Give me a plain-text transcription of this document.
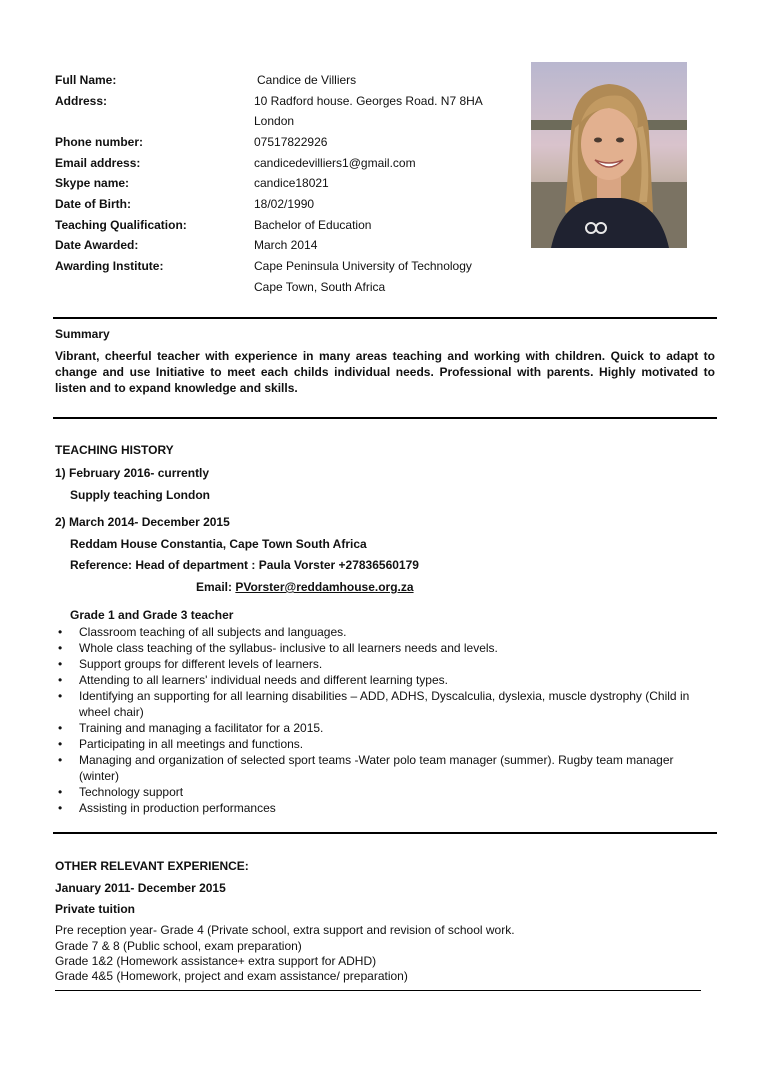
Full Name:	Candice de Villiers
Address:	10 Radford house. Georges Road. N7 8HA
London
Phone number:	07517822926
Email address:	candicedevilliers1@gmail.com
Skype name:	candice18021
Date of Birth:	18/02/1990
Teaching Qualification:	Bachelor of Education
Date Awarded:	March 2014
Awarding Institute:	Cape Peninsula University of Technology
Cape Town, South Africa
Summary
Vibrant, cheerful teacher with experience in many areas teaching and working with children. Quick to adapt to change and use Initiative to meet each childs individual needs. Professional with parents. Highly motivated to listen and to expand knowledge and skills.
TEACHING HISTORY
1) February 2016- currently
Supply teaching London
2) March 2014- December 2015
Reddam House Constantia, Cape Town South Africa
Reference: Head of department : Paula Vorster +27836560179
Email: PVorster@reddamhouse.org.za
Grade 1 and Grade 3 teacher
• Classroom teaching of all subjects and languages.
• Whole class teaching of the syllabus- inclusive to all learners needs and levels.
• Support groups for different levels of learners.
• Attending to all learners' individual needs and different learning types.
• Identifying an supporting for all learning disabilities – ADD, ADHS, Dyscalculia, dyslexia, muscle dystrophy (Child in wheel chair)
• Training and managing a facilitator for a 2015.
• Participating in all meetings and functions.
• Managing and organization of selected sport teams -Water polo team manager (summer). Rugby team manager (winter)
• Technology support
• Assisting in production performances
OTHER RELEVANT EXPERIENCE:
January 2011- December 2015
Private tuition
Pre reception year- Grade 4 (Private school, extra support and revision of school work.
Grade 7 & 8 (Public school, exam preparation)
Grade 1&2 (Homework assistance+ extra support for ADHD)
Grade 4&5 (Homework, project and exam assistance/ preparation)
